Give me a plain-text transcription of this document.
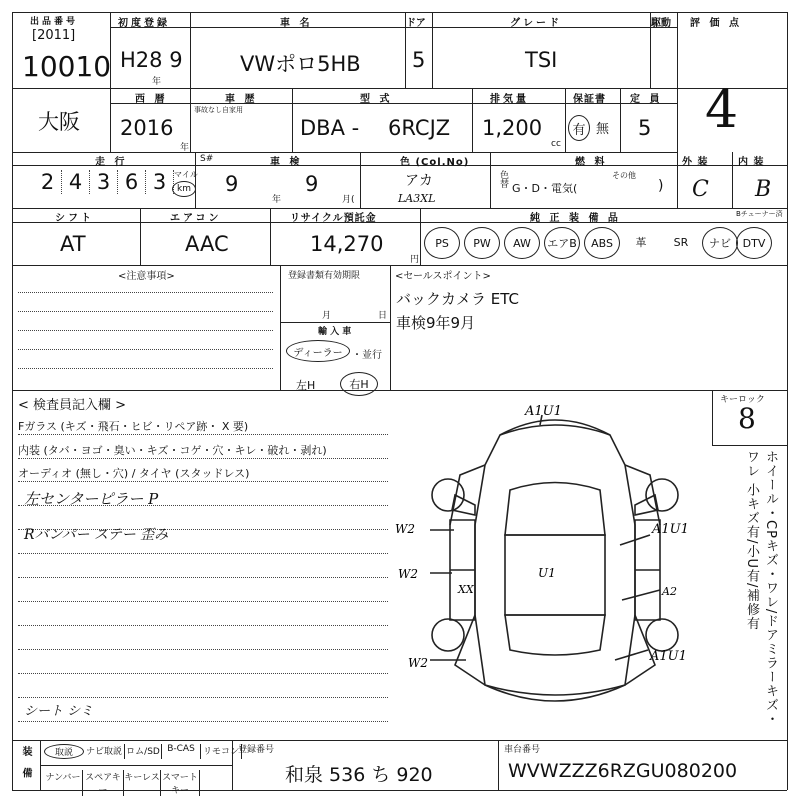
出品番号
[2011]
10010
初度登録
H28 9
年
車 名
VWポロ5HB
ドア
5
グレード
TSI
駆動 評 価 点
4
大阪
西 暦
2016
年
車 歴
事故なし自家用
型 式
DBA - 6RCJZ
排気量
1,200
cc
保証書
有 無
定 員
5
走 行
2 4 3 6 3 マイル
km
S#	車 検
9
年
9
月(
色 (Col.No)
アカ
LA3XL
色替
燃 料
G・D・電気(
その他
)
外 装
C
内 装
B
シフト
AT
エアコン
AAC
リサイクル預託金
14,270
円
純 正 装 備 品	Bチューナー済
PS	PW	AW	エアB	ABS	革	SR	ナビ	DTV
<注意事項>	登録書類有効期限
月	日
輸 入 車
ディーラー ・並行
左H	右H
<セールスポイント>
バックカメラ ETC
車検9年9月
< 検査員記入欄 >
Fガラス (キズ・飛石・ヒビ・リペア跡・ X 要)
内装 (タバ・ヨゴ・臭い・キズ・コゲ・穴・キレ・破れ・剥れ)
オーディオ (無し・穴) / タイヤ (スタッドレス)
左センターピラー P
Rバンパー ステー 歪み
シート シミ
キーロック
8
ホイール・CPキズ・ワレ/ドアミラーキズ・ワレ 小キズ有/小U有/補修有
A1U1
A1U1
A2
A1U1
W2
W2
W2
U1
XX
装 備	取説	ナビ取説 ロム/SD B-CAS リモコン
ナンバー スペアキー
キーレス スマートキー
登録番号
和泉 536 ち 920
車台番号
WVWZZZ6RZGU080200
